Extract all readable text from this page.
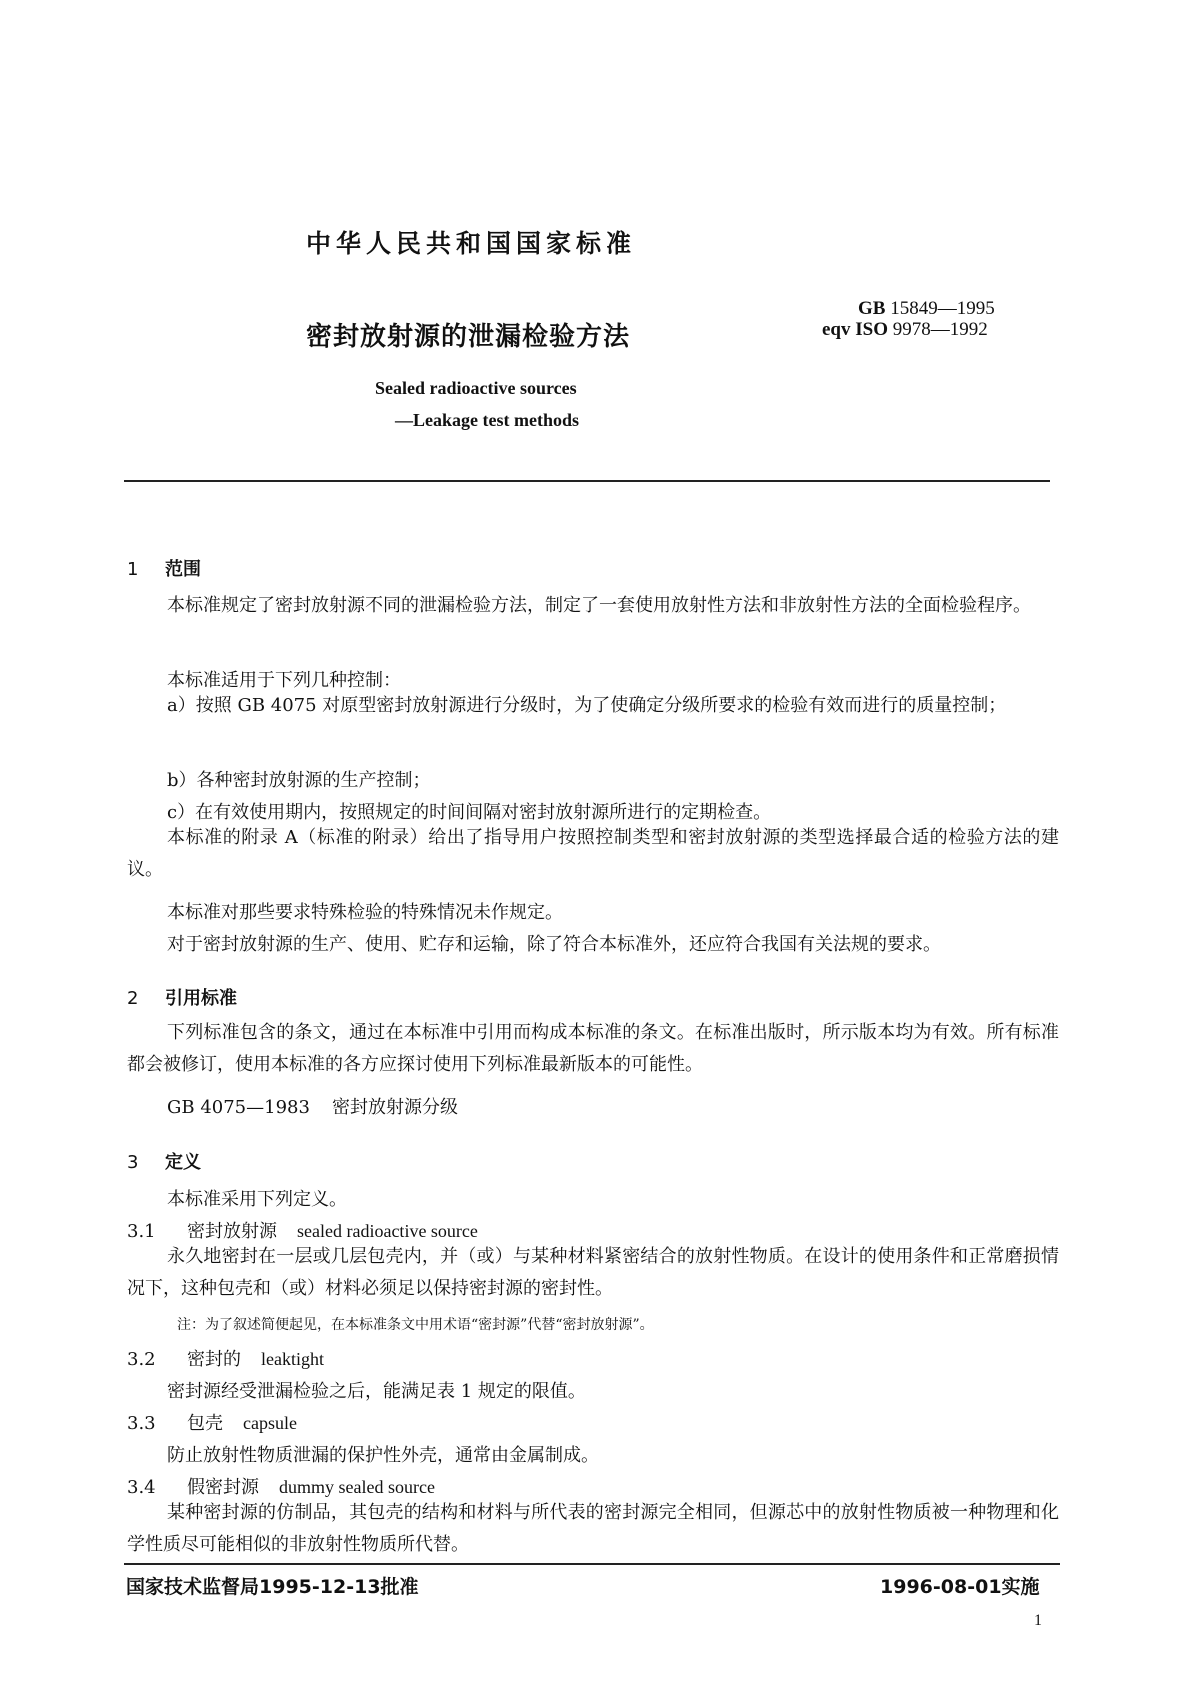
中华人民共和国国家标准
密封放射源的泄漏检验方法
GB 15849—1995
eqv ISO 9978—1992
Sealed radioactive sources
—Leakage test methods
1 范围
本标准规定了密封放射源不同的泄漏检验方法，制定了一套使用放射性方法和非放射性方法的全面检验程序。
本标准适用于下列几种控制：
a）按照 GB 4075 对原型密封放射源进行分级时，为了使确定分级所要求的检验有效而进行的质量控制；
b）各种密封放射源的生产控制；
c）在有效使用期内，按照规定的时间间隔对密封放射源所进行的定期检查。
本标准的附录 A（标准的附录）给出了指导用户按照控制类型和密封放射源的类型选择最合适的检验方法的建议。
本标准对那些要求特殊检验的特殊情况未作规定。
对于密封放射源的生产、使用、贮存和运输，除了符合本标准外，还应符合我国有关法规的要求。
2 引用标准
下列标准包含的条文，通过在本标准中引用而构成本标准的条文。在标准出版时，所示版本均为有效。所有标准都会被修订，使用本标准的各方应探讨使用下列标准最新版本的可能性。
GB 4075—1983 密封放射源分级
3 定义
本标准采用下列定义。
3.1 密封放射源 sealed radioactive source
永久地密封在一层或几层包壳内，并（或）与某种材料紧密结合的放射性物质。在设计的使用条件和正常磨损情况下，这种包壳和（或）材料必须足以保持密封源的密封性。
注：为了叙述简便起见，在本标准条文中用术语“密封源”代替“密封放射源”。
3.2 密封的 leaktight
密封源经受泄漏检验之后，能满足表 1 规定的限值。
3.3 包壳 capsule
防止放射性物质泄漏的保护性外壳，通常由金属制成。
3.4 假密封源 dummy sealed source
某种密封源的仿制品，其包壳的结构和材料与所代表的密封源完全相同，但源芯中的放射性物质被一种物理和化学性质尽可能相似的非放射性物质所代替。
国家技术监督局1995-12-13批准	1996-08-01实施
1
